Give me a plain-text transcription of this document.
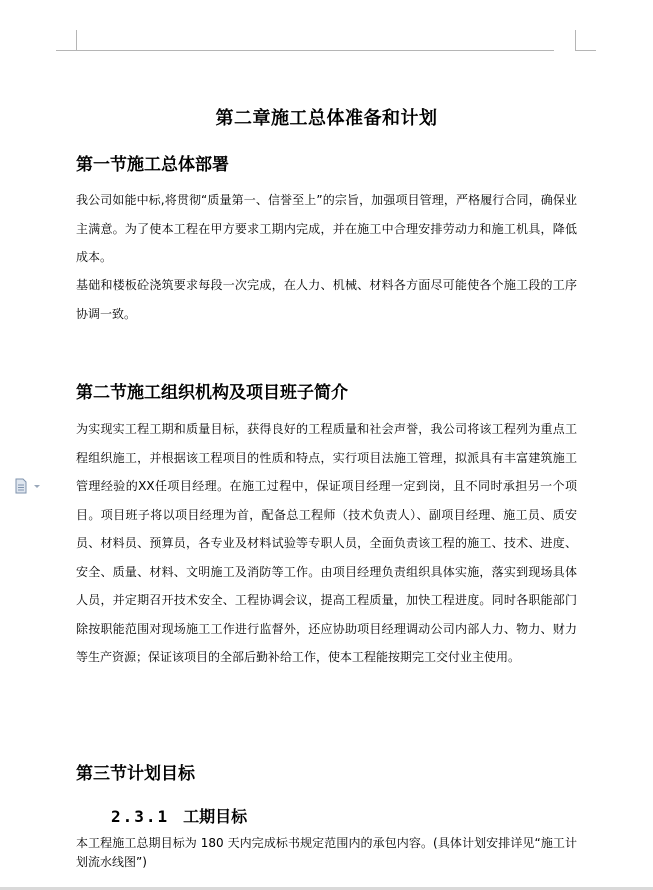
第二章施工总体准备和计划
第一节施工总体部署
我公司如能中标,将贯彻“质量第一、信誉至上”的宗旨，加强项目管理，严格履行合同，确保业主满意。为了使本工程在甲方要求工期内完成，并在施工中合理安排劳动力和施工机具，降低成本。
基础和楼板砼浇筑要求每段一次完成，在人力、机械、材料各方面尽可能使各个施工段的工序协调一致。
第二节施工组织机构及项目班子简介
为实现实工程工期和质量目标，获得良好的工程质量和社会声誉，我公司将该工程列为重点工程组织施工，并根据该工程项目的性质和特点，实行项目法施工管理，拟派具有丰富建筑施工管理经验的XX任项目经理。在施工过程中，保证项目经理一定到岗，且不同时承担另一个项目。项目班子将以项目经理为首，配备总工程师（技术负责人）、副项目经理、施工员、质安员、材料员、预算员，各专业及材料试验等专职人员，全面负责该工程的施工、技术、进度、安全、质量、材料、文明施工及消防等工作。由项目经理负责组织具体实施，落实到现场具体人员，并定期召开技术安全、工程协调会议，提高工程质量，加快工程进度。同时各职能部门除按职能范围对现场施工工作进行监督外，还应协助项目经理调动公司内部人力、物力、财力等生产资源；保证该项目的全部后勤补给工作，使本工程能按期完工交付业主使用。
第三节计划目标
2.3.1 工期目标
本工程施工总期目标为 180 天内完成标书规定范围内的承包内容。(具体计划安排详见“施工计划流水线图”)
